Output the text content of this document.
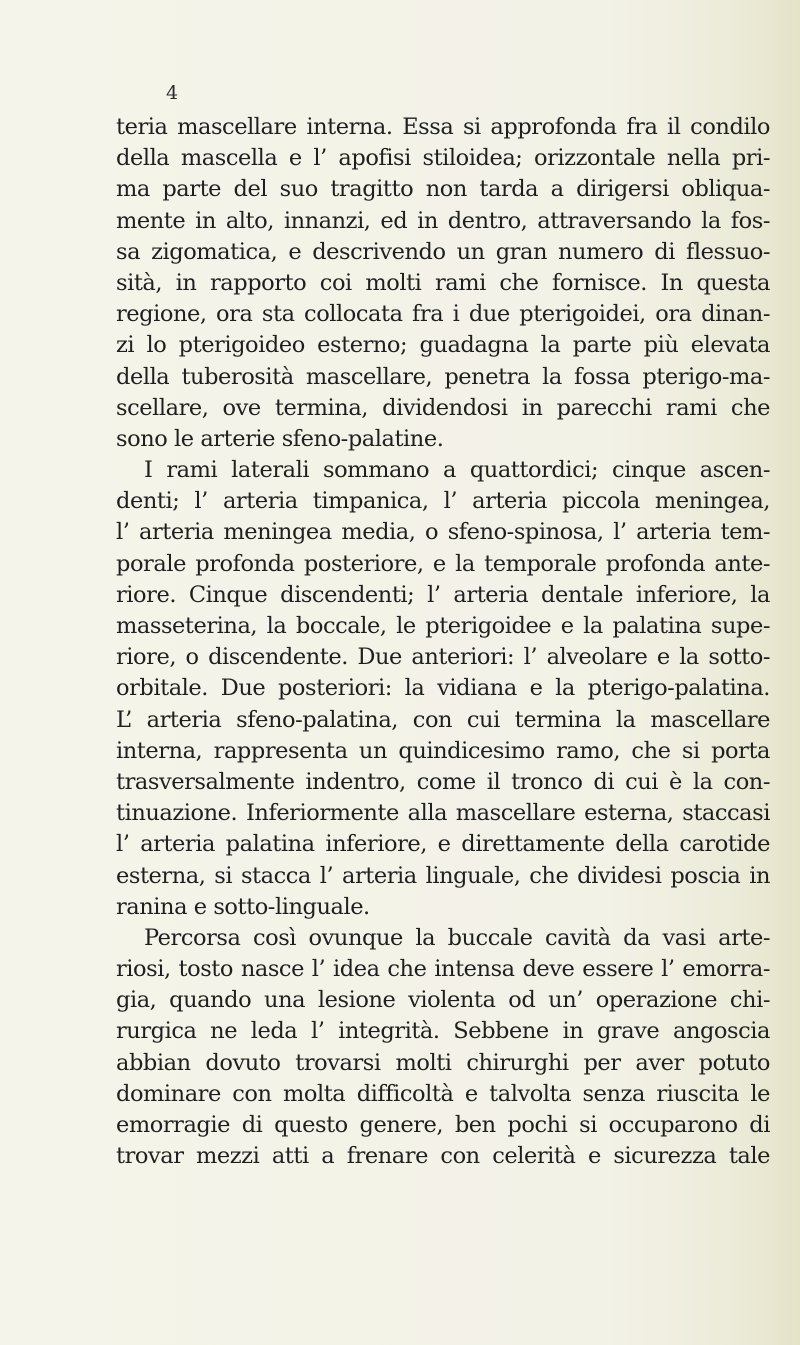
4
teria mascellare interna. Essa si approfonda fra il condilo
della mascella e l’ apofisi stiloidea; orizzontale nella pri-
ma parte del suo tragitto non tarda a dirigersi obliqua-
mente in alto, innanzi, ed in dentro, attraversando la fos-
sa zigomatica, e descrivendo un gran numero di flessuo-
sità, in rapporto coi molti rami che fornisce. In questa
regione, ora sta collocata fra i due pterigoidei, ora dinan-
zi lo pterigoideo esterno; guadagna la parte più elevata
della tuberosità mascellare, penetra la fossa pterigo-ma-
scellare, ove termina, dividendosi in parecchi rami che
sono le arterie sfeno-palatine.
I rami laterali sommano a quattordici; cinque ascen-
denti; l’ arteria timpanica, l’ arteria piccola meningea,
l’ arteria meningea media, o sfeno-spinosa, l’ arteria tem-
porale profonda posteriore, e la temporale profonda ante-
riore. Cinque discendenti; l’ arteria dentale inferiore, la
masseterina, la boccale, le pterigoidee e la palatina supe-
riore, o discendente. Due anteriori: l’ alveolare e la sotto-
orbitale. Due posteriori: la vidiana e la pterigo-palatina.
L’ arteria sfeno-palatina, con cui termina la mascellare
interna, rappresenta un quindicesimo ramo, che si porta
trasversalmente indentro, come il tronco di cui è la con-
tinuazione. Inferiormente alla mascellare esterna, staccasi
l’ arteria palatina inferiore, e direttamente della carotide
esterna, si stacca l’ arteria linguale, che dividesi poscia in
ranina e sotto-linguale.
Percorsa così ovunque la buccale cavità da vasi arte-
riosi, tosto nasce l’ idea che intensa deve essere l’ emorra-
gia, quando una lesione violenta od un’ operazione chi-
rurgica ne leda l’ integrità. Sebbene in grave angoscia
abbian dovuto trovarsi molti chirurghi per aver potuto
dominare con molta difficoltà e talvolta senza riuscita le
emorragie di questo genere, ben pochi si occuparono di
trovar mezzi atti a frenare con celerità e sicurezza tale
